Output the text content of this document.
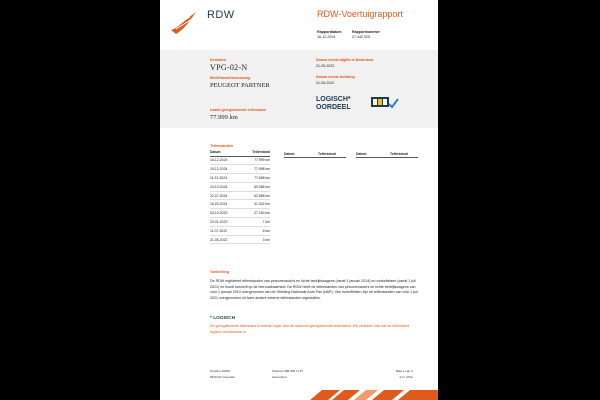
RDW	RDW-Voertuigrapport
Rapportdatum
16-12-2024
Rapportnummer
27.442.025
Kenteken
VPG-02-N
Merk/Handelsbenaming
PEUGEOT PARTNER
Laatst geregistreerde tellerstand
77.999 km
Datum eerste afgifte in Nederland
31-05-2022
Datum eerste toelating
31-05-2022
LOGISCH*
OORDEEL
Tellerstanden
Datum	Tellerstand
16-12-2024	77.999 km
15-12-2024	77.998 km
11-12-2024	77.698 km
24-10-2024	69.086 km
22-07-2024	62.856 km
16-03-2024	41.942 km
03-10-2023	27.150 km
23-01-2023	7 km
11-07-2022	6 km
21-05-2022	3 km
Datum	Tellerstand	Datum	Tellerstand
Toelichting
De RDW registreert tellerstanden van personenauto's en lichte bedrijfswagens (vanaf 1 januari 2014) en motorfietsen (vanaf 1 juli 2021) en houdt toezicht op de betrouwbaarheid. De RDW heeft de tellerstanden van personenauto's en lichte bedrijfswagens van vóór 1 januari 2014 overgenomen van de Stichting Nationale Auto Pas (NAP). Van motorfietsen zijn de tellerstanden van vóór 1 juli 2021 overgenomen uit twee andere externe tellerstanden registraties.
* LOGISCH
De geregistreerde tellerstand is steeds hoger dan de daarvoor geregistreerde tellerstand. Wij verklaren dan dat de tellerstand logisch verklaarbaar is.
Postbus 30000
9640 RA Veendam
Telefoon 088 008 71 8*
www.rdw.nl
Blad 1 van 3
3.0 / 470a
